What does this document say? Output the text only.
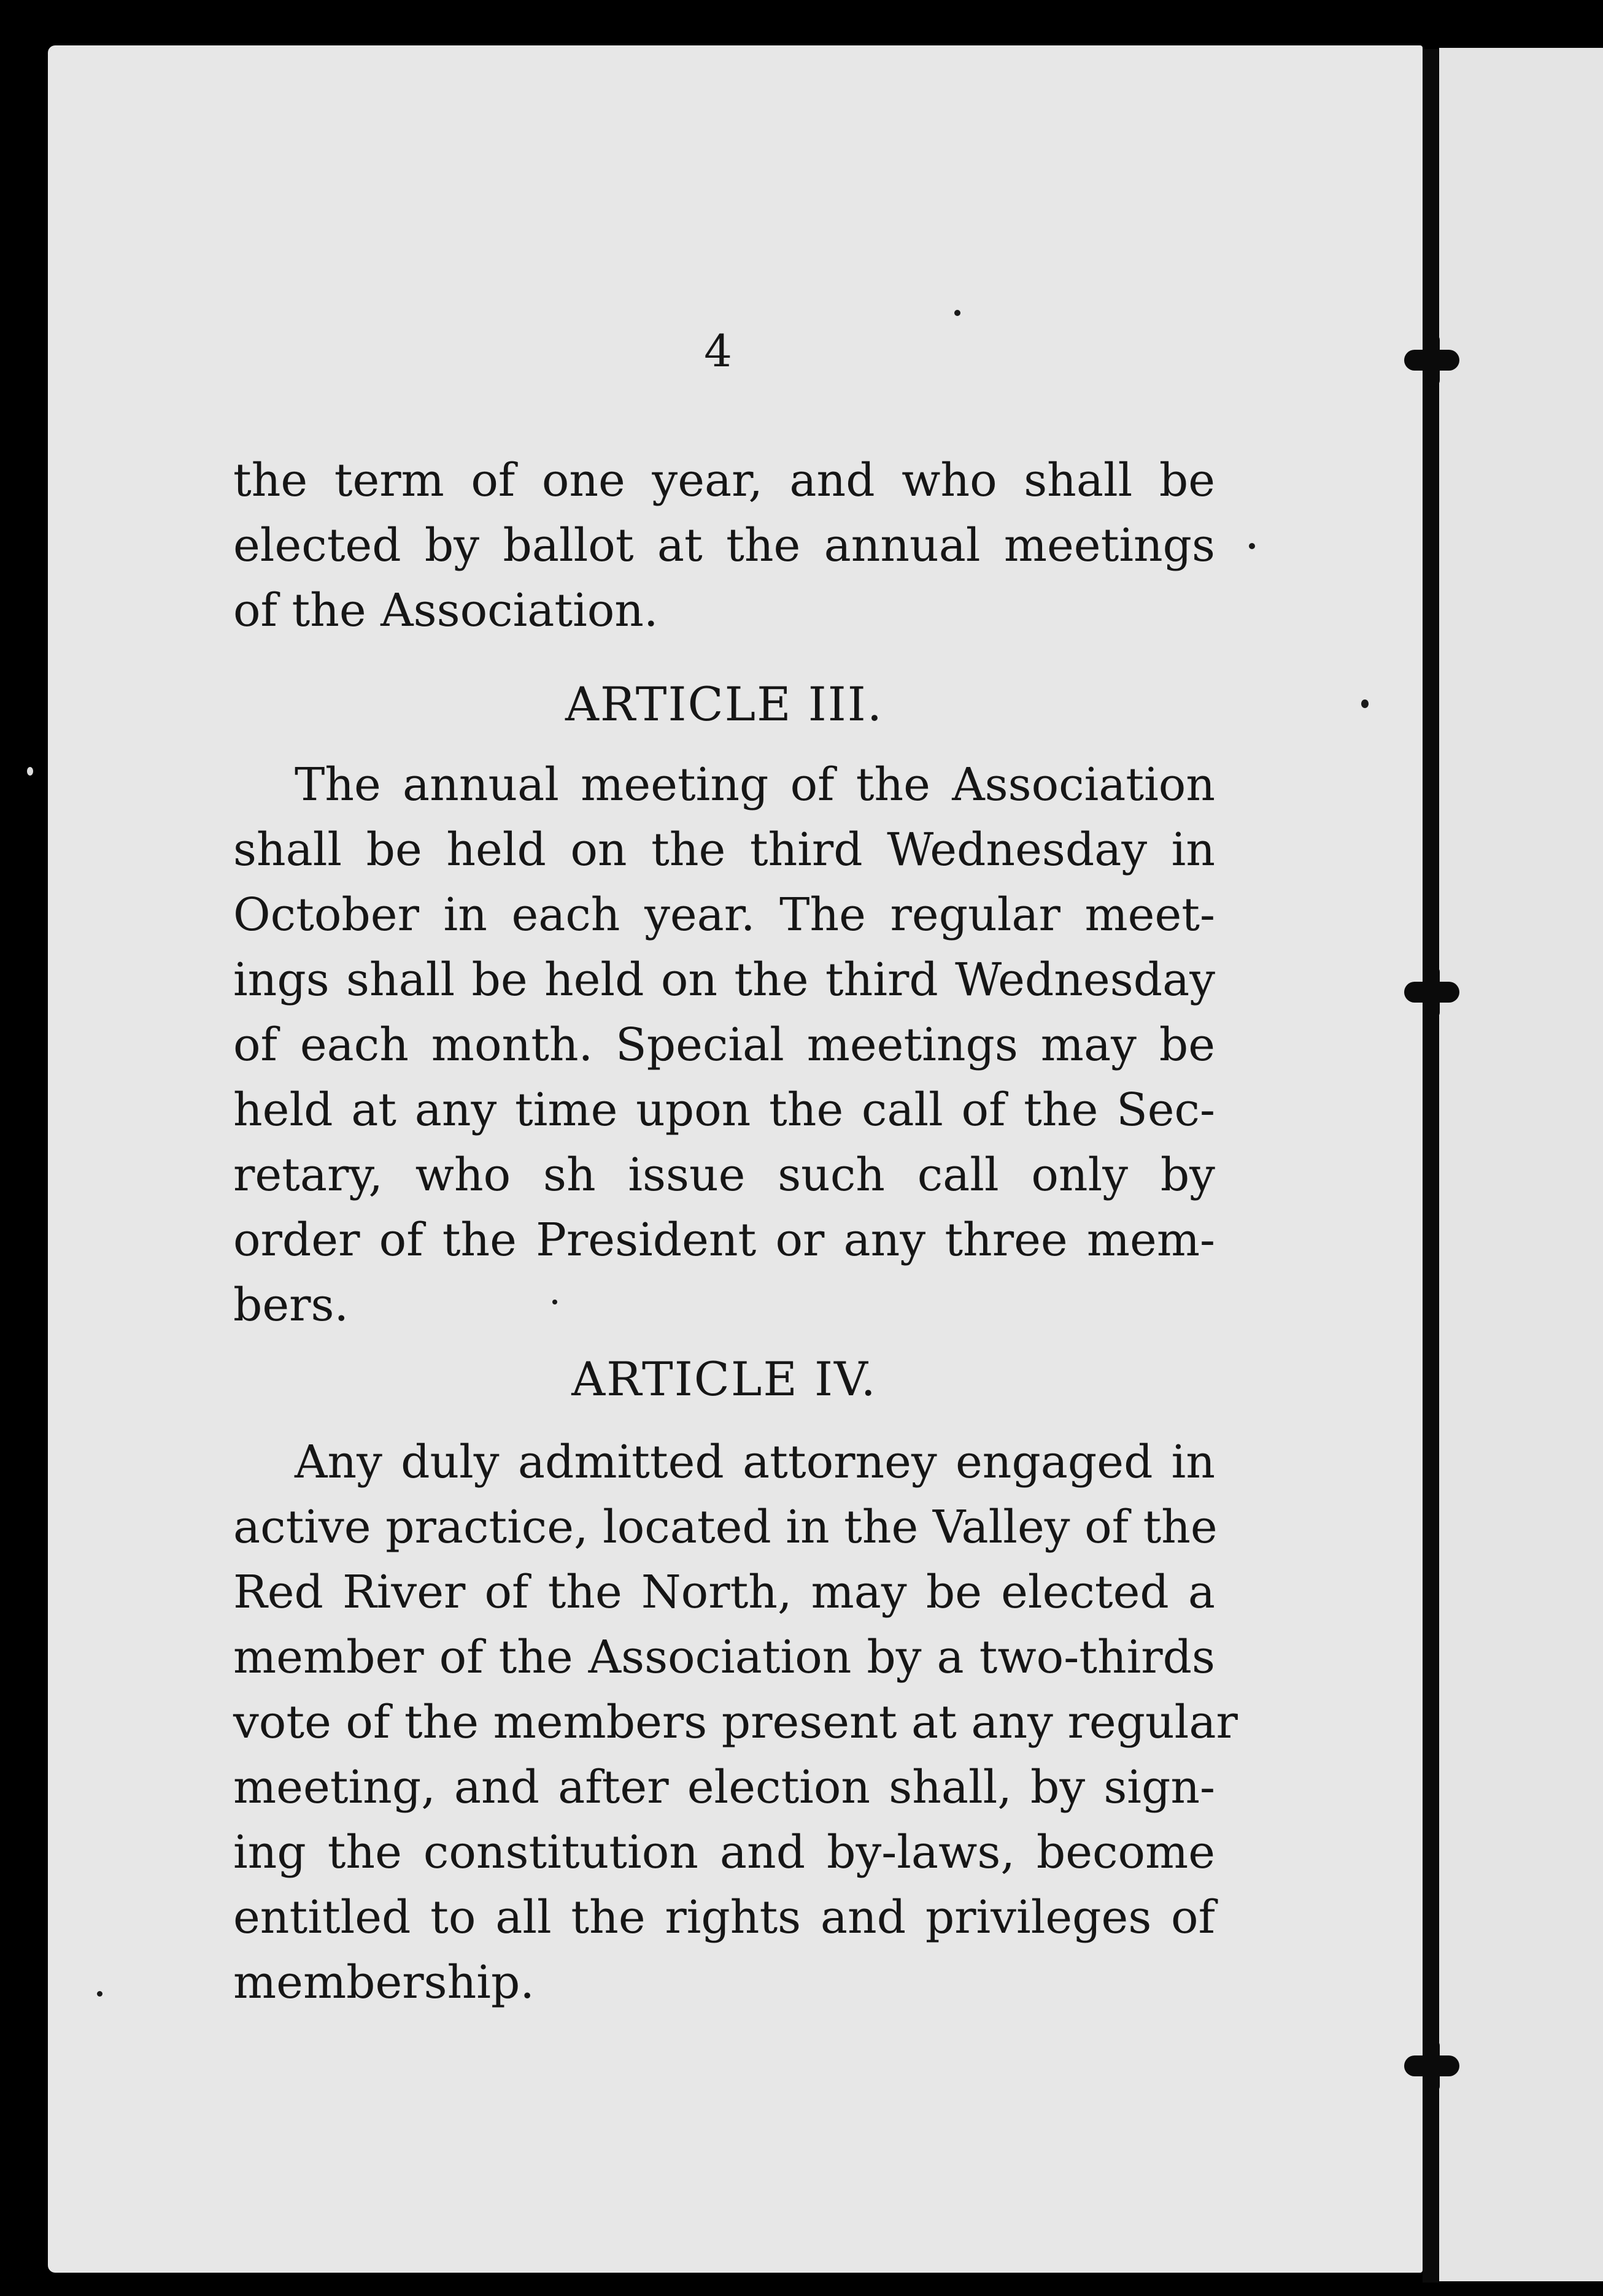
4

the term of one year, and who shall be
elected by ballot at the annual meetings
of the Association.

ARTICLE III.

The annual meeting of the Association
shall be held on the third Wednesday in
October in each year. The regular meet-
ings shall be held on the third Wednesday
of each month. Special meetings may be
held at any time upon the call of the Sec-
retary, who sh issue such call only by
order of the President or any three mem-
bers.

ARTICLE IV.

Any duly admitted attorney engaged in
active practice, located in the Valley of the
Red River of the North, may be elected a
member of the Association by a two-thirds
vote of the members present at any regular
meeting, and after election shall, by sign-
ing the constitution and by-laws, become
entitled to all the rights and privileges of
membership.
